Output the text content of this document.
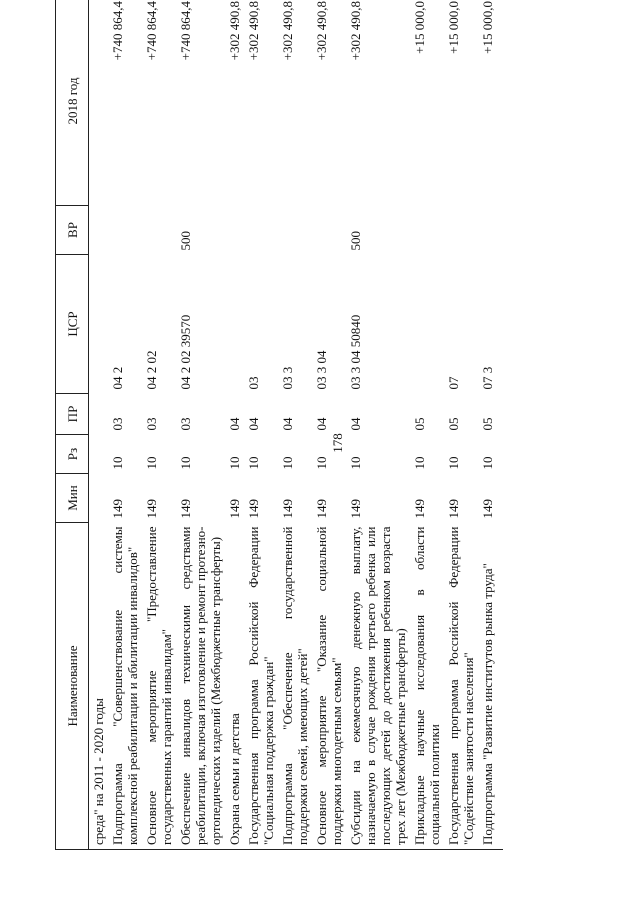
178
Наименование	Мин	Рз	ПР	ЦСР	ВР	2018 год
среда" на 2011 - 2020 годы						
Подпрограмма "Совершенствование системы комплексной реабилитации и абилитации инвалидов"	149	10	03	04 2		+740 864,4
Основное мероприятие "Предоставление государственных гарантий инвалидам"	149	10	03	04 2 02		+740 864,4
Обеспечение инвалидов техническими средствами реабилитации, включая изготовление и ремонт протезно-ортопедических изделий (Межбюджетные трансферты)	149	10	03	04 2 02 39570	500	+740 864,4
Охрана семьи и детства	149	10	04			+302 490,8
Государственная программа Российской Федерации "Социальная поддержка граждан"	149	10	04	03		+302 490,8
Подпрограмма "Обеспечение государственной поддержки семей, имеющих детей"	149	10	04	03 3		+302 490,8
Основное мероприятие "Оказание социальной поддержки многодетным семьям"	149	10	04	03 3 04		+302 490,8
Субсидии на ежемесячную денежную выплату, назначаемую в случае рождения третьего ребенка или последующих детей до достижения ребенком возраста трех лет (Межбюджетные трансферты)	149	10	04	03 3 04 50840	500	+302 490,8
Прикладные научные исследования в области социальной политики	149	10	05			+15 000,0
Государственная программа Российской Федерации "Содействие занятости населения"	149	10	05	07		+15 000,0
Подпрограмма "Развитие институтов рынка труда"	149	10	05	07 3		+15 000,0
